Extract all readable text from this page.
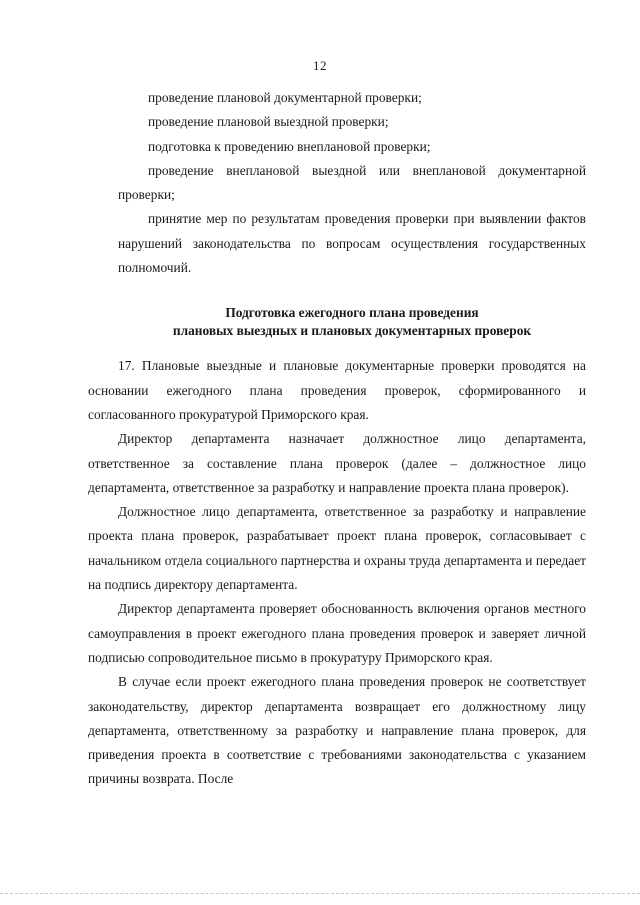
12

проведение плановой документарной проверки;

проведение плановой выездной проверки;

подготовка к проведению внеплановой проверки;

проведение внеплановой выездной или внеплановой документарной проверки;

принятие мер по результатам проведения проверки при выявлении фактов нарушений законодательства по вопросам осуществления государственных полномочий.

Подготовка ежегодного плана проведения
плановых выездных и плановых документарных проверок

17. Плановые выездные и плановые документарные проверки проводятся на основании ежегодного плана проведения проверок, сформированного и согласованного прокуратурой Приморского края.

Директор департамента назначает должностное лицо департамента, ответственное за составление плана проверок (далее – должностное лицо департамента, ответственное за разработку и направление проекта плана проверок).

Должностное лицо департамента, ответственное за разработку и направление проекта плана проверок, разрабатывает проект плана проверок, согласовывает с начальником отдела социального партнерства и охраны труда департамента и передает на подпись директору департамента.

Директор департамента проверяет обоснованность включения органов местного самоуправления в проект ежегодного плана проведения проверок и заверяет личной подписью сопроводительное письмо в прокуратуру Приморского края.

В случае если проект ежегодного плана проведения проверок не соответствует законодательству, директор департамента возвращает его должностному лицу департамента, ответственному за разработку и направление плана проверок, для приведения проекта в соответствие с требованиями законодательства с указанием причины возврата. После
